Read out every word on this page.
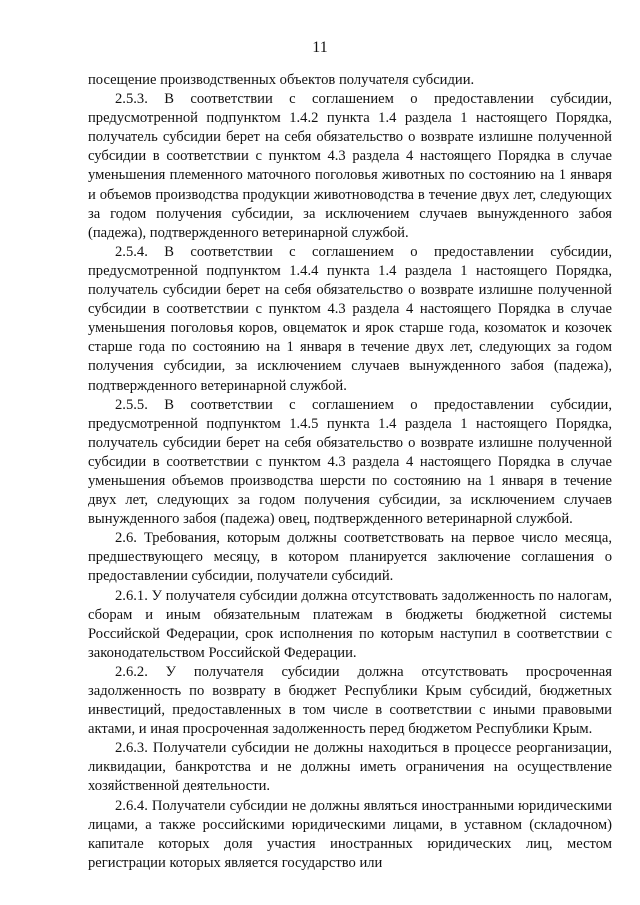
11

посещение производственных объектов получателя субсидии.

2.5.3. В соответствии с соглашением о предоставлении субсидии, предусмотренной подпунктом 1.4.2 пункта 1.4 раздела 1 настоящего Порядка, получатель субсидии берет на себя обязательство о возврате излишне полученной субсидии в соответствии с пунктом 4.3 раздела 4 настоящего Порядка в случае уменьшения племенного маточного поголовья животных по состоянию на 1 января и объемов производства продукции животноводства в течение двух лет, следующих за годом получения субсидии, за исключением случаев вынужденного забоя (падежа), подтвержденного ветеринарной службой.

2.5.4. В соответствии с соглашением о предоставлении субсидии, предусмотренной подпунктом 1.4.4 пункта 1.4 раздела 1 настоящего Порядка, получатель субсидии берет на себя обязательство о возврате излишне полученной субсидии в соответствии с пунктом 4.3 раздела 4 настоящего Порядка в случае уменьшения поголовья коров, овцематок и ярок старше года, козоматок и козочек старше года по состоянию на 1 января в течение двух лет, следующих за годом получения субсидии, за исключением случаев вынужденного забоя (падежа), подтвержденного ветеринарной службой.

2.5.5. В соответствии с соглашением о предоставлении субсидии, предусмотренной подпунктом 1.4.5 пункта 1.4 раздела 1 настоящего Порядка, получатель субсидии берет на себя обязательство о возврате излишне полученной субсидии в соответствии с пунктом 4.3 раздела 4 настоящего Порядка в случае уменьшения объемов производства шерсти по состоянию на 1 января в течение двух лет, следующих за годом получения субсидии, за исключением случаев вынужденного забоя (падежа) овец, подтвержденного ветеринарной службой.

2.6. Требования, которым должны соответствовать на первое число месяца, предшествующего месяцу, в котором планируется заключение соглашения о предоставлении субсидии, получатели субсидий.

2.6.1. У получателя субсидии должна отсутствовать задолженность по налогам, сборам и иным обязательным платежам в бюджеты бюджетной системы Российской Федерации, срок исполнения по которым наступил в соответствии с законодательством Российской Федерации.

2.6.2. У получателя субсидии должна отсутствовать просроченная задолженность по возврату в бюджет Республики Крым субсидий, бюджетных инвестиций, предоставленных в том числе в соответствии с иными правовыми актами, и иная просроченная задолженность перед бюджетом Республики Крым.

2.6.3. Получатели субсидии не должны находиться в процессе реорганизации, ликвидации, банкротства и не должны иметь ограничения на осуществление хозяйственной деятельности.

2.6.4. Получатели субсидии не должны являться иностранными юридическими лицами, а также российскими юридическими лицами, в уставном (складочном) капитале которых доля участия иностранных юридических лиц, местом регистрации которых является государство или
